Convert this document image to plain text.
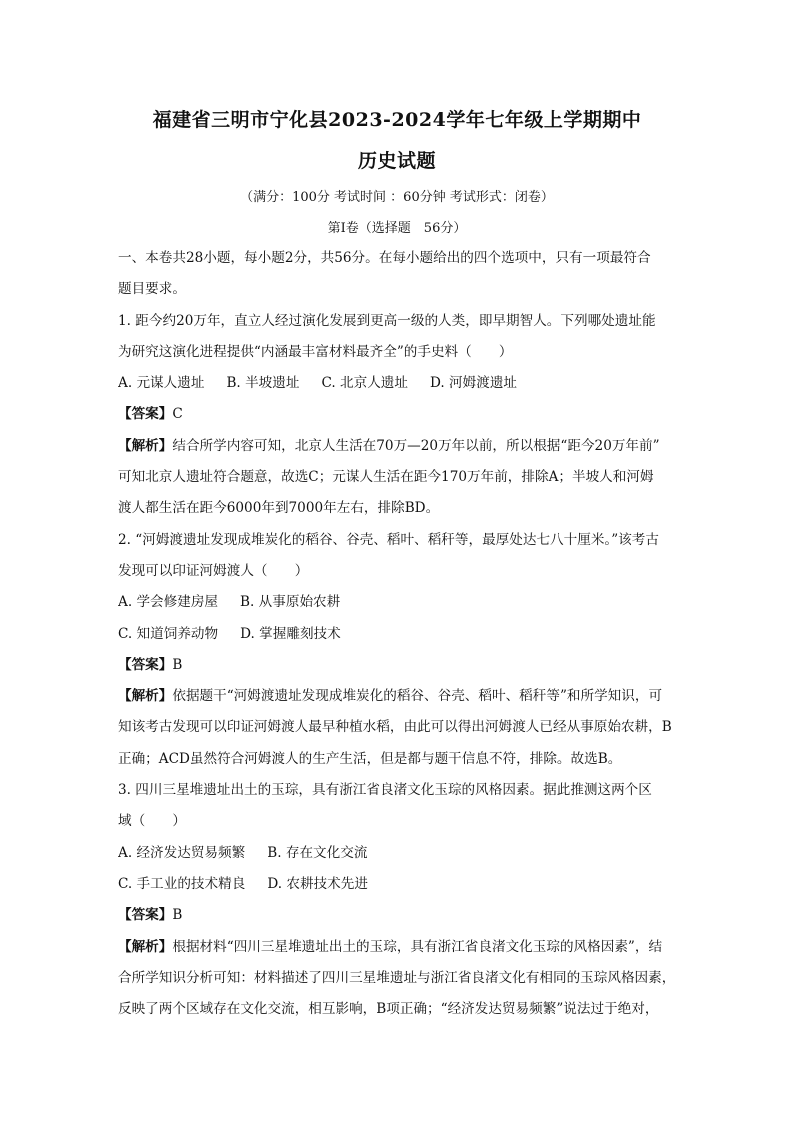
福建省三明市宁化县2023-2024学年七年级上学期期中
历史试题
（满分：100分 考试时间 ：60分钟 考试形式：闭卷）
第Ⅰ卷（选择题　56分）
一、本卷共28小题，每小题2分，共56分。在每小题给出的四个选项中，只有一项最符合
题目要求。
1. 距今约20万年，直立人经过演化发展到更高一级的人类，即早期智人。下列哪处遗址能
为研究这演化进程提供“内涵最丰富材料最齐全”的手史料（　　）
A. 元谋人遗址 B. 半坡遗址 C. 北京人遗址 D. 河姆渡遗址
【答案】C
【解析】结合所学内容可知，北京人生活在70万—20万年以前，所以根据“距今20万年前”
可知北京人遗址符合题意，故选C；元谋人生活在距今170万年前，排除A；半坡人和河姆
渡人都生活在距今6000年到7000年左右，排除BD。
2. “河姆渡遗址发现成堆炭化的稻谷、谷壳、稻叶、稻秆等，最厚处达七八十厘米。”该考古
发现可以印证河姆渡人（　　）
A. 学会修建房屋 B. 从事原始农耕
C. 知道饲养动物 D. 掌握雕刻技术
【答案】B
【解析】依据题干“河姆渡遗址发现成堆炭化的稻谷、谷壳、稻叶、稻秆等”和所学知识，可
知该考古发现可以印证河姆渡人最早种植水稻，由此可以得出河姆渡人已经从事原始农耕，B
正确；ACD虽然符合河姆渡人的生产生活，但是都与题干信息不符，排除。故选B。
3. 四川三星堆遗址出土的玉琮，具有浙江省良渚文化玉琮的风格因素。据此推测这两个区
域（　　）
A. 经济发达贸易频繁 B. 存在文化交流
C. 手工业的技术精良 D. 农耕技术先进
【答案】B
【解析】根据材料“四川三星堆遗址出土的玉琮，具有浙江省良渚文化玉琮的风格因素”，结
合所学知识分析可知：材料描述了四川三星堆遗址与浙江省良渚文化有相同的玉琮风格因素，
反映了两个区域存在文化交流，相互影响，B项正确；“经济发达贸易频繁”说法过于绝对，
